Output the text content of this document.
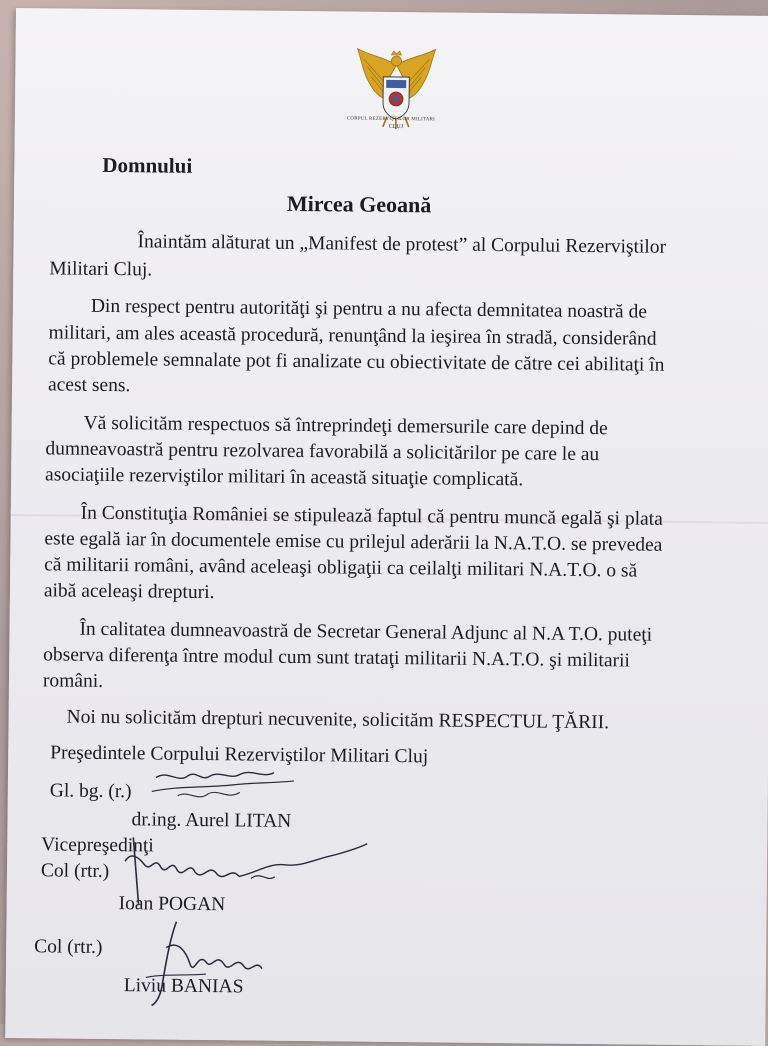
CORPUL REZERVIŞTILOR MILITARI
CLUJ
Domnului
Mircea Geoană
Înaintăm alăturat un „Manifest de protest” al Corpului Rezerviştilor
Militari Cluj.
Din respect pentru autorităţi şi pentru a nu afecta demnitatea noastră de
militari, am ales această procedură, renunţând la ieşirea în stradă, considerând
că problemele semnalate pot fi analizate cu obiectivitate de către cei abilitaţi în
acest sens.
Vă solicităm respectuos să întreprindeţi demersurile care depind de
dumneavoastră pentru rezolvarea favorabilă a solicitărilor pe care le au
asociaţiile rezerviştilor militari în această situaţie complicată.
În Constituţia României se stipulează faptul că pentru muncă egală şi plata
este egală iar în documentele emise cu prilejul aderării la N.A.T.O. se prevedea
că militarii români, având aceleaşi obligaţii ca ceilalţi militari N.A.T.O. o să
aibă aceleaşi drepturi.
În calitatea dumneavoastră de Secretar General Adjunc al N.A T.O. puteţi
observa diferenţa între modul cum sunt trataţi militarii N.A.T.O. şi militarii
români.
Noi nu solicităm drepturi necuvenite, solicităm RESPECTUL ŢĂRII.
Preşedintele Corpului Rezerviştilor Militari Cluj
Gl. bg. (r.)
dr.ing. Aurel LITAN
Vicepreşedinţi
Col (rtr.)
Ioan POGAN
Col (rtr.)
Liviu BANIAS
